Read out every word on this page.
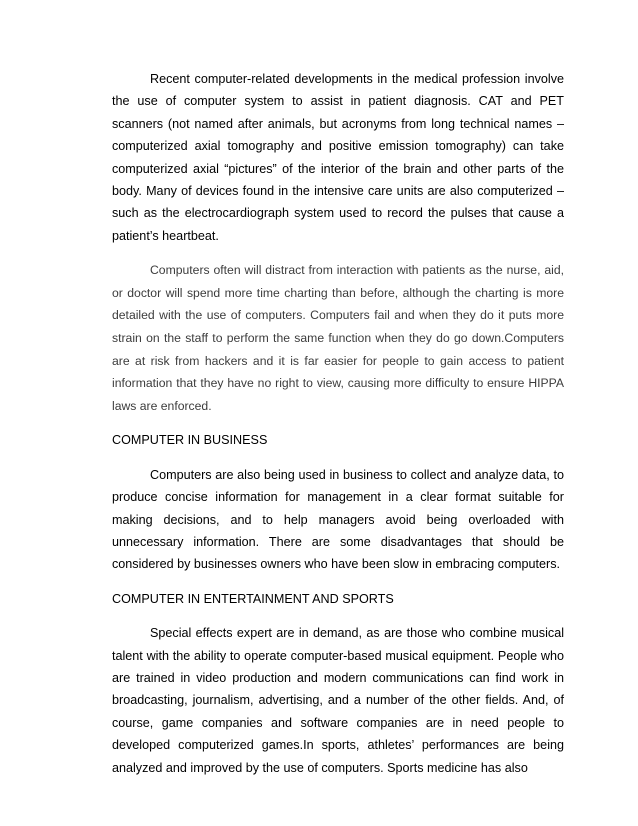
Recent computer-related developments in the medical profession involve the use of computer system to assist in patient diagnosis. CAT and PET scanners (not named after animals, but acronyms from long technical names – computerized axial tomography and positive emission tomography) can take computerized axial “pictures” of the interior of the brain and other parts of the body. Many of devices found in the intensive care units are also computerized – such as the electrocardiograph system used to record the pulses that cause a patient’s heartbeat.

Computers often will distract from interaction with patients as the nurse, aid, or doctor will spend more time charting than before, although the charting is more detailed with the use of computers. Computers fail and when they do it puts more strain on the staff to perform the same function when they do go down.Computers are at risk from hackers and it is far easier for people to gain access to patient information that they have no right to view, causing more difficulty to ensure HIPPA laws are enforced.

COMPUTER IN BUSINESS

Computers are also being used in business to collect and analyze data, to produce concise information for management in a clear format suitable for making decisions, and to help managers avoid being overloaded with unnecessary information. There are some disadvantages that should be considered by businesses owners who have been slow in embracing computers.

COMPUTER IN ENTERTAINMENT AND SPORTS

Special effects expert are in demand, as are those who combine musical talent with the ability to operate computer-based musical equipment. People who are trained in video production and modern communications can find work in broadcasting, journalism, advertising, and a number of the other fields. And, of course, game companies and software companies are in need people to developed computerized games.In sports, athletes’ performances are being analyzed and improved by the use of computers. Sports medicine has also
